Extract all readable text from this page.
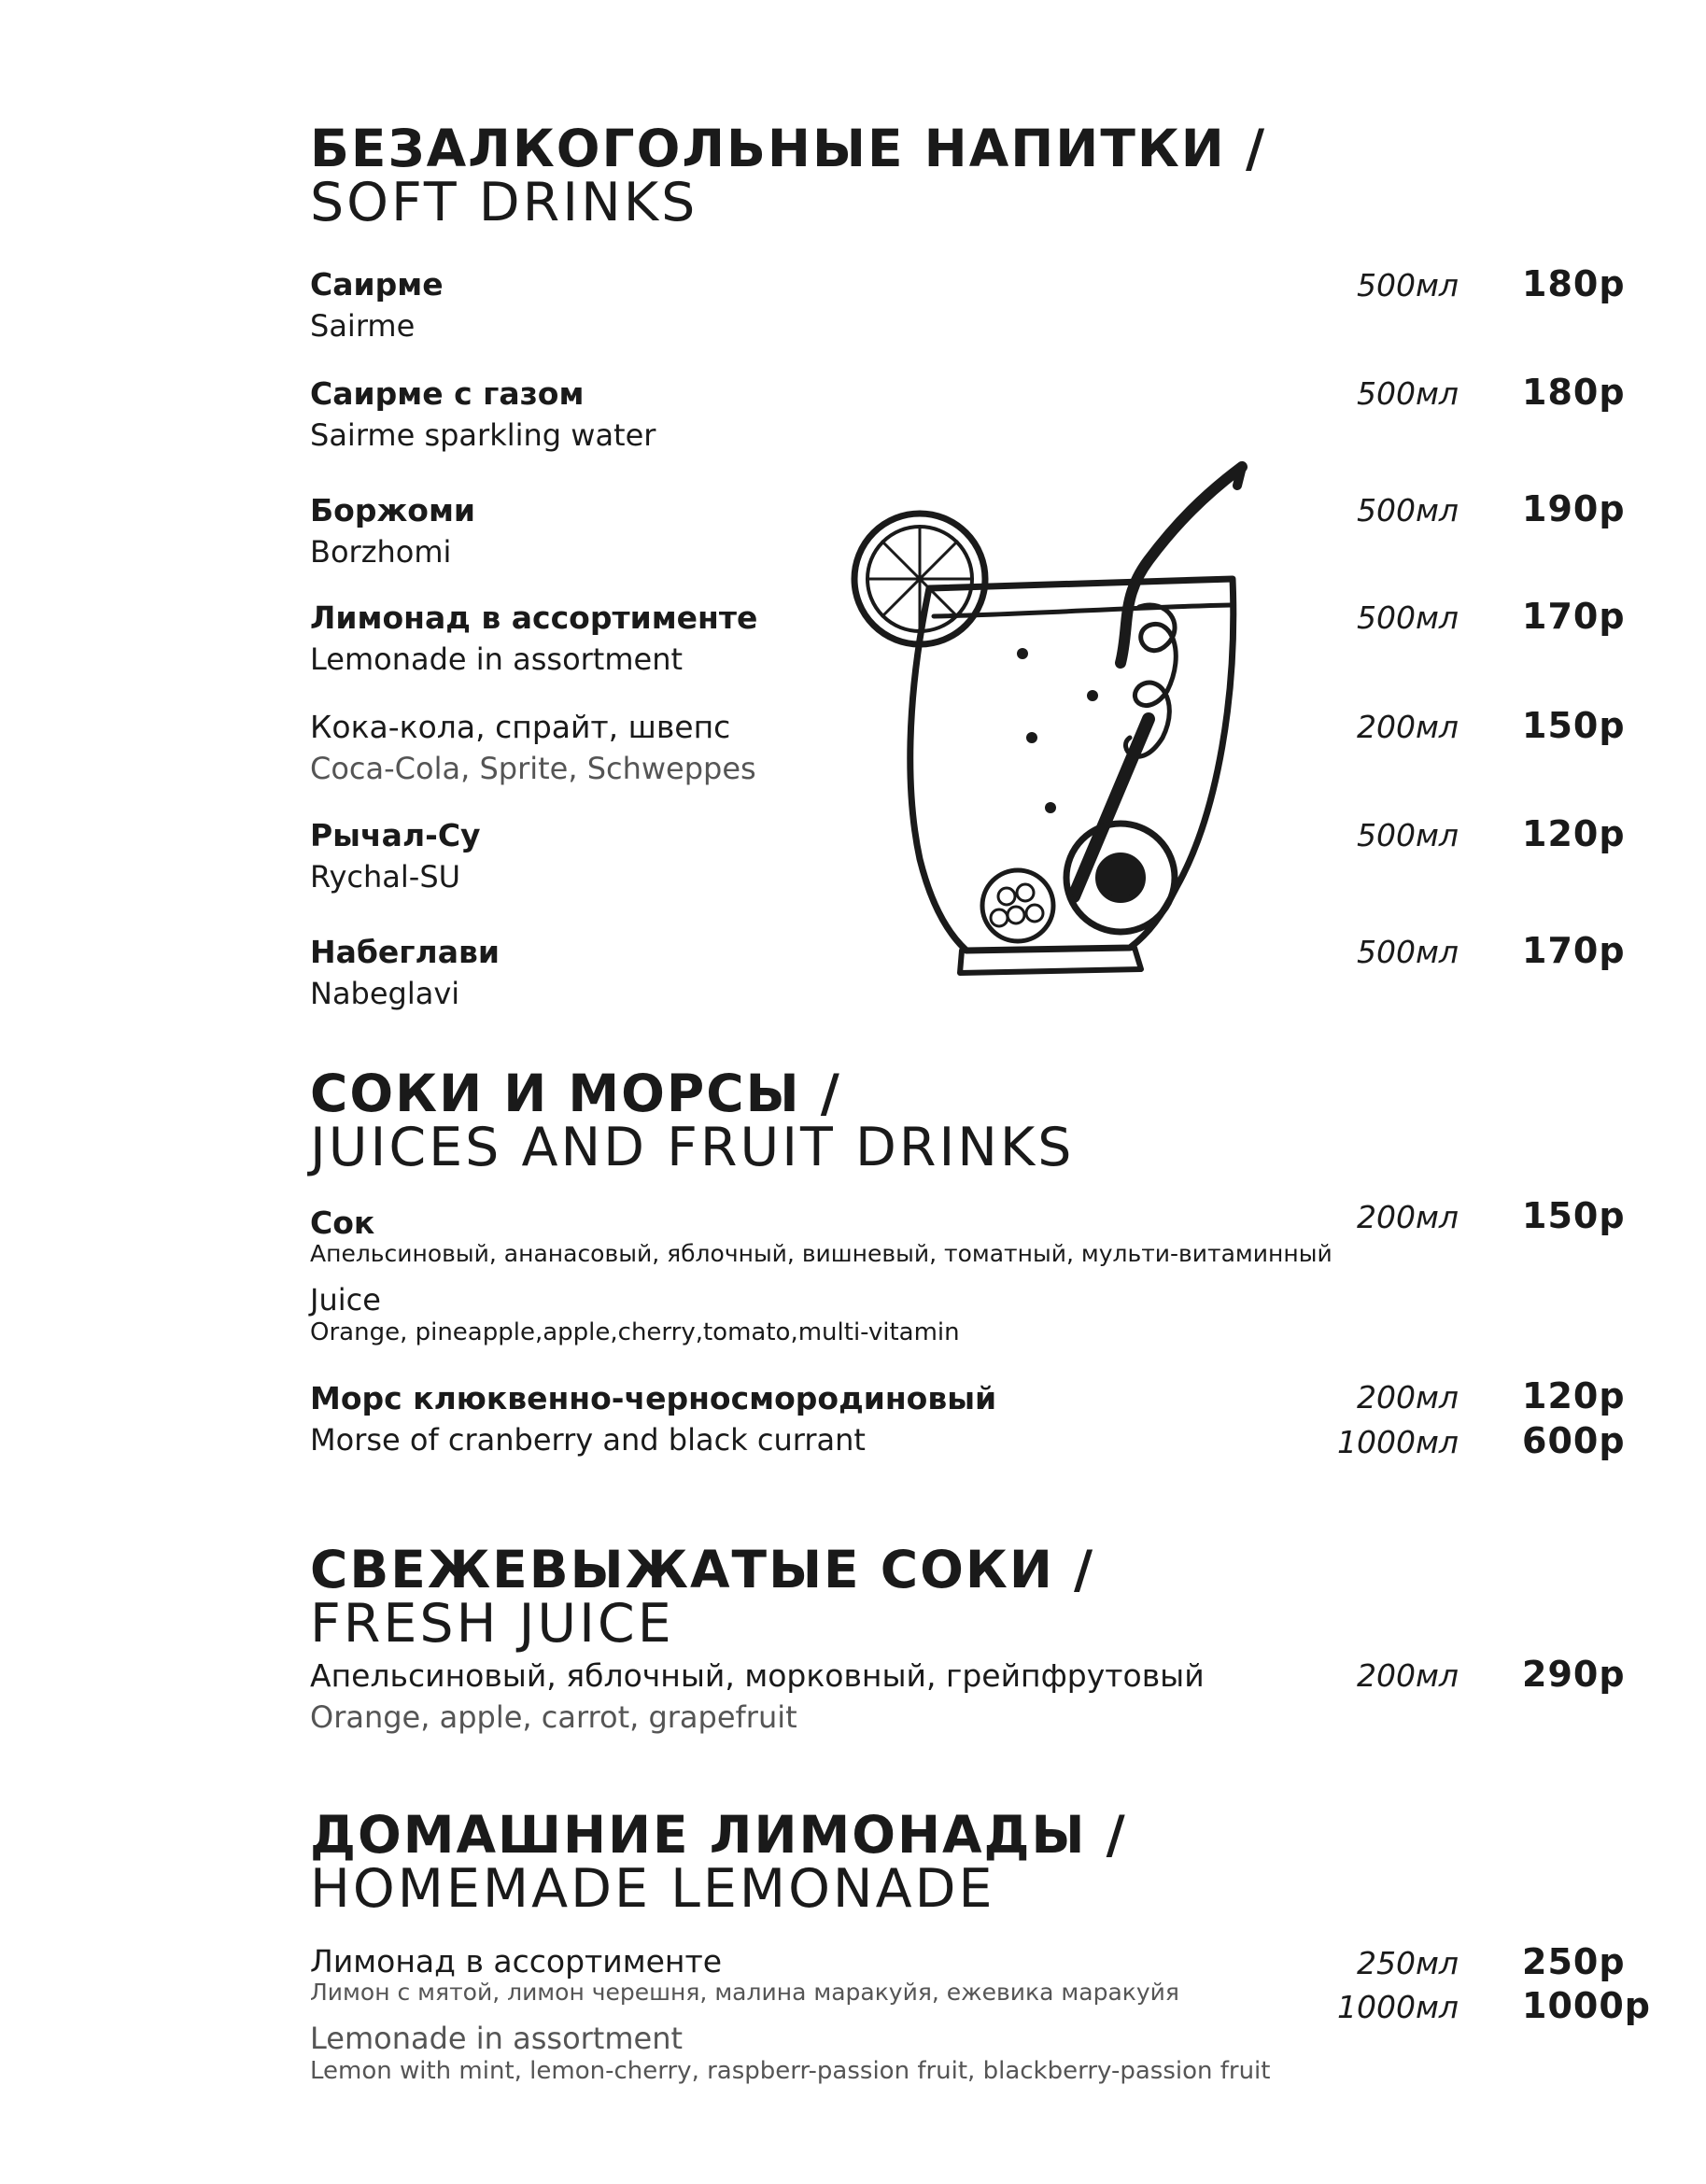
БЕЗАЛКОГОЛЬНЫЕ НАПИТКИ /
SOFT DRINKS
Саирме
Sairme
500мл 180р
Саирме с газом
Sairme sparkling water
500мл 180р
Боржоми
Borzhomi
500мл 190р
Лимонад в ассортименте
Lemonade in assortment
500мл 170р
Кока-кола, спрайт, швепс
Coca-Cola, Sprite, Schweppes
200мл 150р
Рычал-Су
Rychal-SU
500мл 120р
Набеглави
Nabeglavi
500мл 170р
СОКИ И МОРСЫ /
JUICES AND FRUIT DRINKS
Сок
Апельсиновый, ананасовый, яблочный, вишневый, томатный, мульти-витаминный
Juice
Orange, pineapple,apple,cherry,tomato,multi-vitamin
200мл 150р
Морс клюквенно-черносмородиновый
Morse of cranberry and black currant
200мл 120р
1000мл 600р
СВЕЖЕВЫЖАТЫЕ СОКИ /
FRESH JUICE
Апельсиновый, яблочный, морковный, грейпфрутовый
Orange, apple, carrot, grapefruit
200мл 290р
ДОМАШНИЕ ЛИМОНАДЫ /
HOMEMADE LEMONADE
Лимонад в ассортименте
Лимон с мятой, лимон черешня, малина маракуйя, ежевика маракуйя
Lemonade in assortment
Lemon with mint, lemon-cherry, raspberr-passion fruit, blackberry-passion fruit
250мл 250р
1000мл 1000р
